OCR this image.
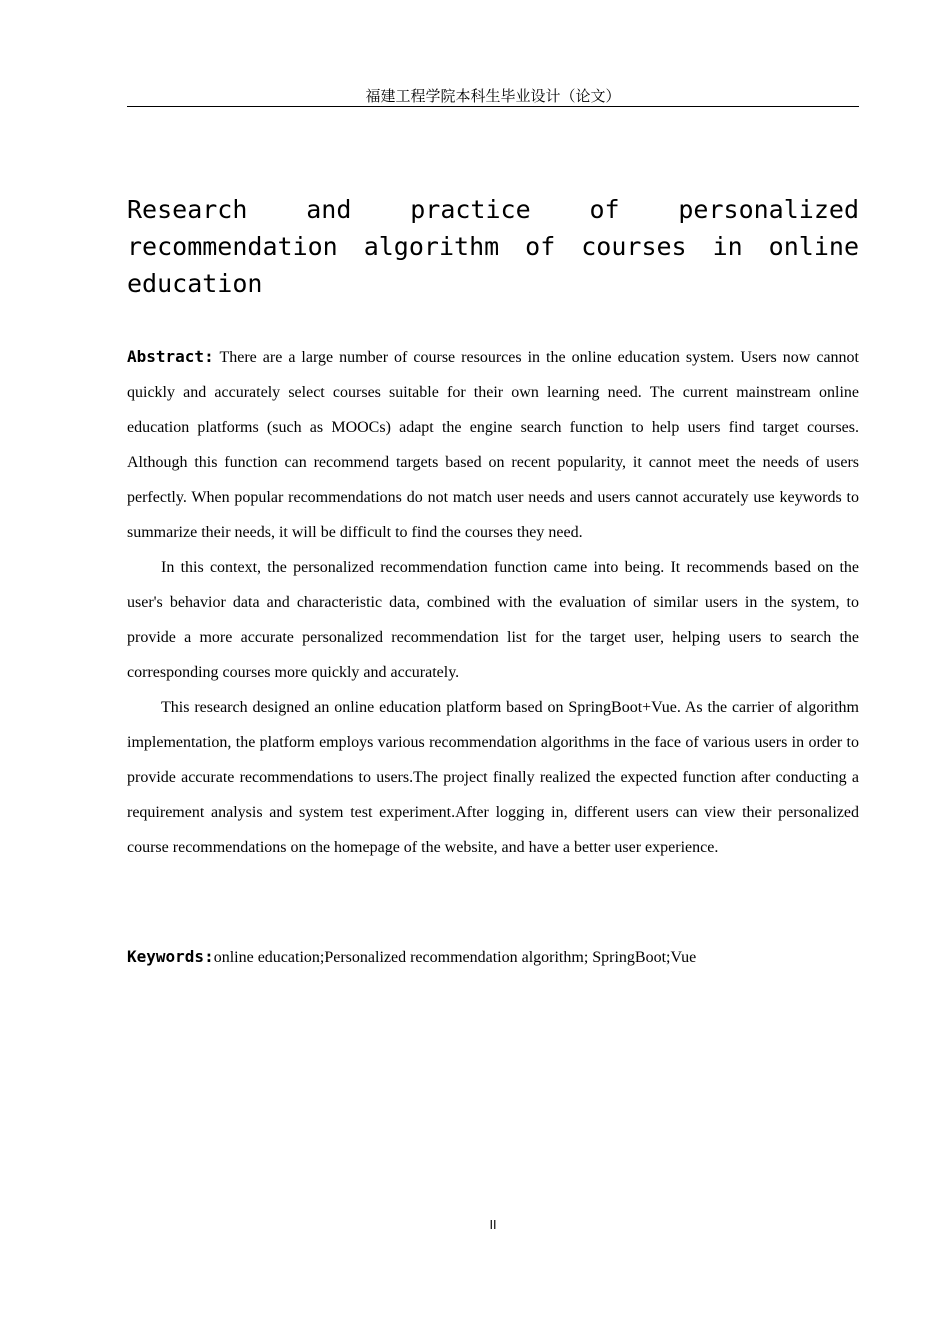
福建工程学院本科生毕业设计（论文）
Research and practice of personalized recommendation algorithm of courses in online education

Abstract: There are a large number of course resources in the online education system. Users now cannot quickly and accurately select courses suitable for their own learning need. The current mainstream online education platforms (such as MOOCs) adapt the engine search function to help users find target courses. Although this function can recommend targets based on recent popularity, it cannot meet the needs of users perfectly. When popular recommendations do not match user needs and users cannot accurately use keywords to summarize their needs, it will be difficult to find the courses they need.

In this context, the personalized recommendation function came into being. It recommends based on the user's behavior data and characteristic data, combined with the evaluation of similar users in the system, to provide a more accurate personalized recommendation list for the target user, helping users to search the corresponding courses more quickly and accurately.

This research designed an online education platform based on SpringBoot+Vue. As the carrier of algorithm implementation, the platform employs various recommendation algorithms in the face of various users in order to provide accurate recommendations to users.The project finally realized the expected function after conducting a requirement analysis and system test experiment.After logging in, different users can view their personalized course recommendations on the homepage of the website, and have a better user experience.

Keywords:online education;Personalized recommendation algorithm; SpringBoot;Vue
II
